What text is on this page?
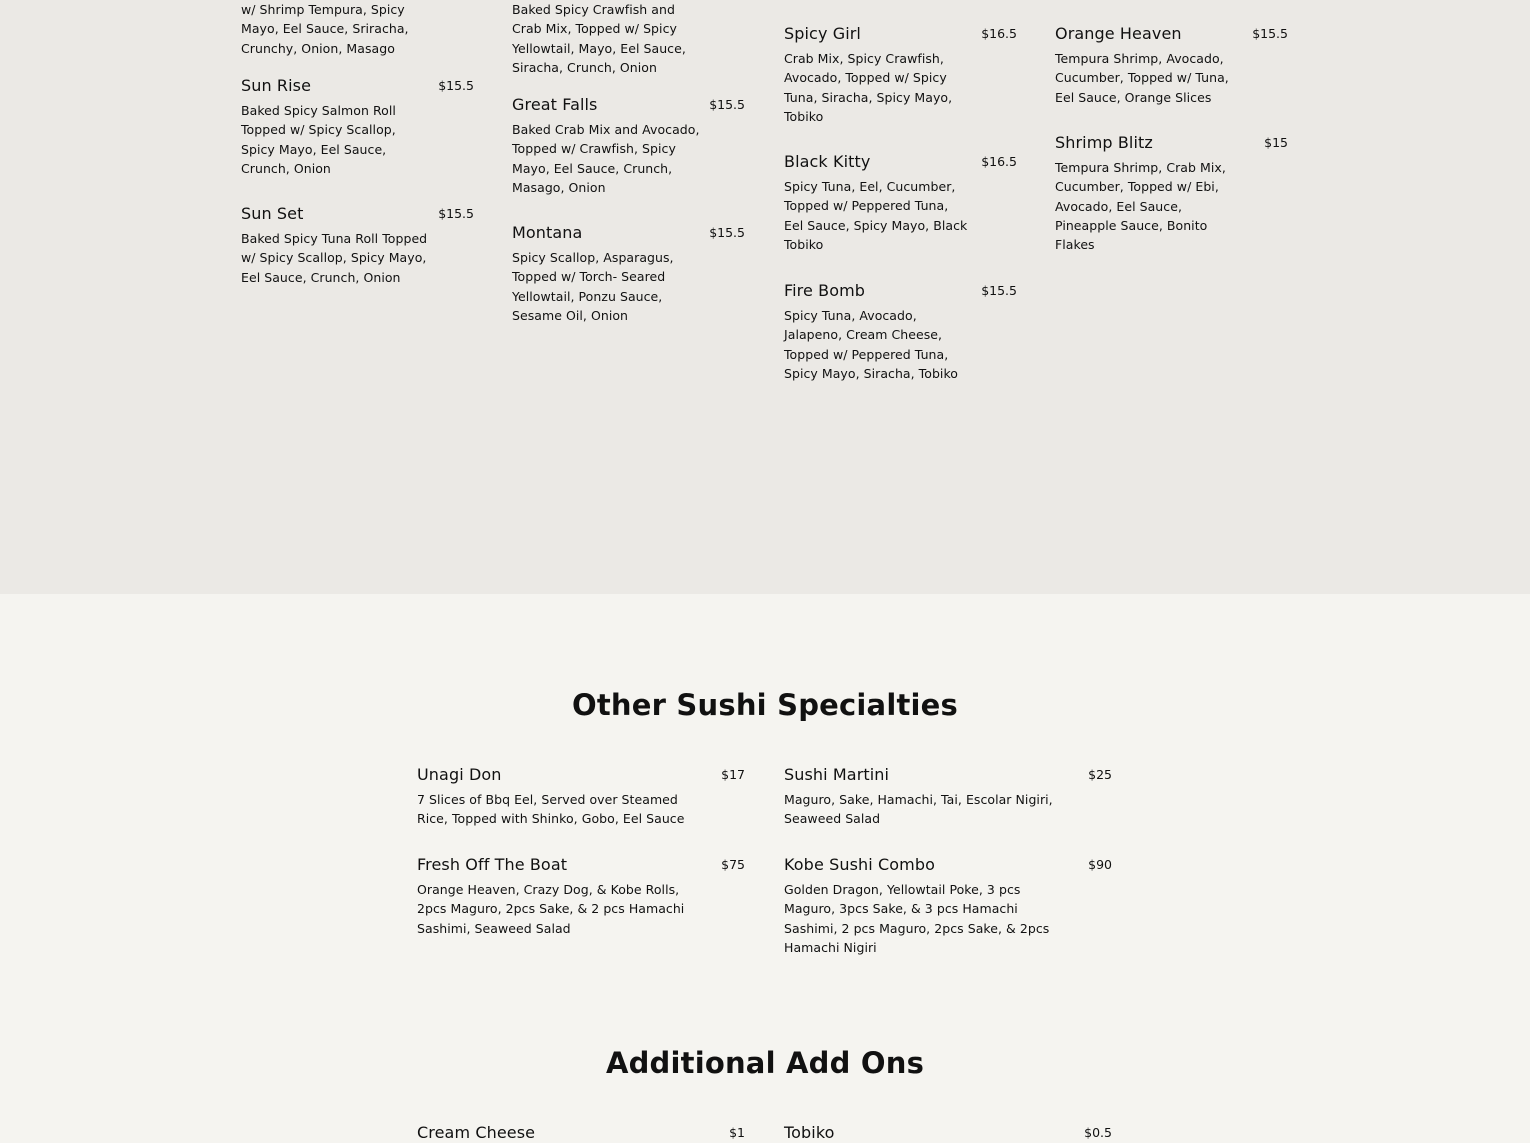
w/ Shrimp Tempura, Spicy
Mayo, Eel Sauce, Sriracha,
Crunchy, Onion, Masago
Sun Rise	$15.5
Baked Spicy Salmon Roll
Topped w/ Spicy Scallop,
Spicy Mayo, Eel Sauce,
Crunch, Onion
Sun Set	$15.5
Baked Spicy Tuna Roll Topped
w/ Spicy Scallop, Spicy Mayo,
Eel Sauce, Crunch, Onion
Baked Spicy Crawfish and
Crab Mix, Topped w/ Spicy
Yellowtail, Mayo, Eel Sauce,
Siracha, Crunch, Onion
Great Falls	$15.5
Baked Crab Mix and Avocado,
Topped w/ Crawfish, Spicy
Mayo, Eel Sauce, Crunch,
Masago, Onion
Montana	$15.5
Spicy Scallop, Asparagus,
Topped w/ Torch- Seared
Yellowtail, Ponzu Sauce,
Sesame Oil, Onion
Spicy Girl	$16.5
Crab Mix, Spicy Crawfish,
Avocado, Topped w/ Spicy
Tuna, Siracha, Spicy Mayo,
Tobiko
Black Kitty	$16.5
Spicy Tuna, Eel, Cucumber,
Topped w/ Peppered Tuna,
Eel Sauce, Spicy Mayo, Black
Tobiko
Fire Bomb	$15.5
Spicy Tuna, Avocado,
Jalapeno, Cream Cheese,
Topped w/ Peppered Tuna,
Spicy Mayo, Siracha, Tobiko
Orange Heaven	$15.5
Tempura Shrimp, Avocado,
Cucumber, Topped w/ Tuna,
Eel Sauce, Orange Slices
Shrimp Blitz	$15
Tempura Shrimp, Crab Mix,
Cucumber, Topped w/ Ebi,
Avocado, Eel Sauce,
Pineapple Sauce, Bonito
Flakes
Other Sushi Specialties
Unagi Don	$17
7 Slices of Bbq Eel, Served over Steamed
Rice, Topped with Shinko, Gobo, Eel Sauce
Sushi Martini	$25
Maguro, Sake, Hamachi, Tai, Escolar Nigiri,
Seaweed Salad
Fresh Off The Boat	$75
Orange Heaven, Crazy Dog, & Kobe Rolls,
2pcs Maguro, 2pcs Sake, & 2 pcs Hamachi
Sashimi, Seaweed Salad
Kobe Sushi Combo	$90
Golden Dragon, Yellowtail Poke, 3 pcs
Maguro, 3pcs Sake, & 3 pcs Hamachi
Sashimi, 2 pcs Maguro, 2pcs Sake, & 2pcs
Hamachi Nigiri
Additional Add Ons
Cream Cheese	$1 Tobiko	$0.5
